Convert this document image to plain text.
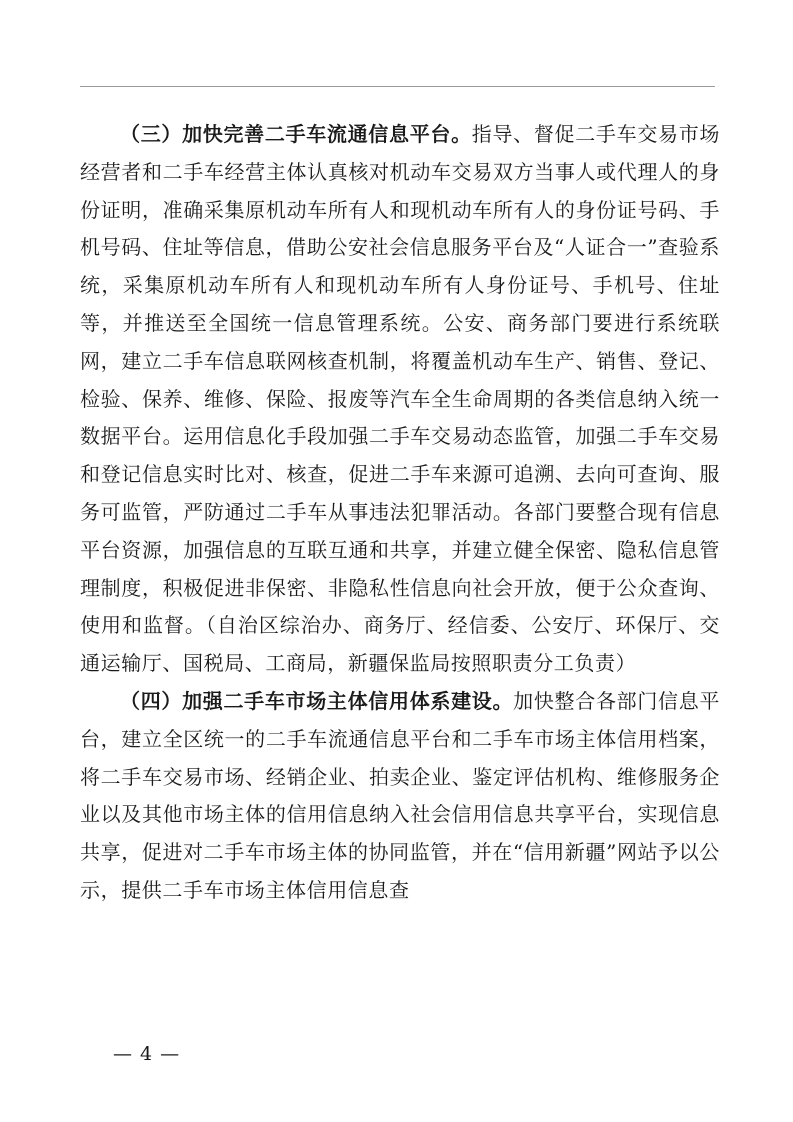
（三）加快完善二手车流通信息平台。指导、督促二手车交易市场经营者和二手车经营主体认真核对机动车交易双方当事人或代理人的身份证明，准确采集原机动车所有人和现机动车所有人的身份证号码、手机号码、住址等信息，借助公安社会信息服务平台及“人证合一”查验系统，采集原机动车所有人和现机动车所有人身份证号、手机号、住址等，并推送至全国统一信息管理系统。公安、商务部门要进行系统联网，建立二手车信息联网核查机制，将覆盖机动车生产、销售、登记、检验、保养、维修、保险、报废等汽车全生命周期的各类信息纳入统一数据平台。运用信息化手段加强二手车交易动态监管，加强二手车交易和登记信息实时比对、核查，促进二手车来源可追溯、去向可查询、服务可监管，严防通过二手车从事违法犯罪活动。各部门要整合现有信息平台资源，加强信息的互联互通和共享，并建立健全保密、隐私信息管理制度，积极促进非保密、非隐私性信息向社会开放，便于公众查询、使用和监督。（自治区综治办、商务厅、经信委、公安厅、环保厅、交通运输厅、国税局、工商局，新疆保监局按照职责分工负责）

（四）加强二手车市场主体信用体系建设。加快整合各部门信息平台，建立全区统一的二手车流通信息平台和二手车市场主体信用档案，将二手车交易市场、经销企业、拍卖企业、鉴定评估机构、维修服务企业以及其他市场主体的信用信息纳入社会信用信息共享平台，实现信息共享，促进对二手车市场主体的协同监管，并在“信用新疆”网站予以公示，提供二手车市场主体信用信息查

— 4 —
